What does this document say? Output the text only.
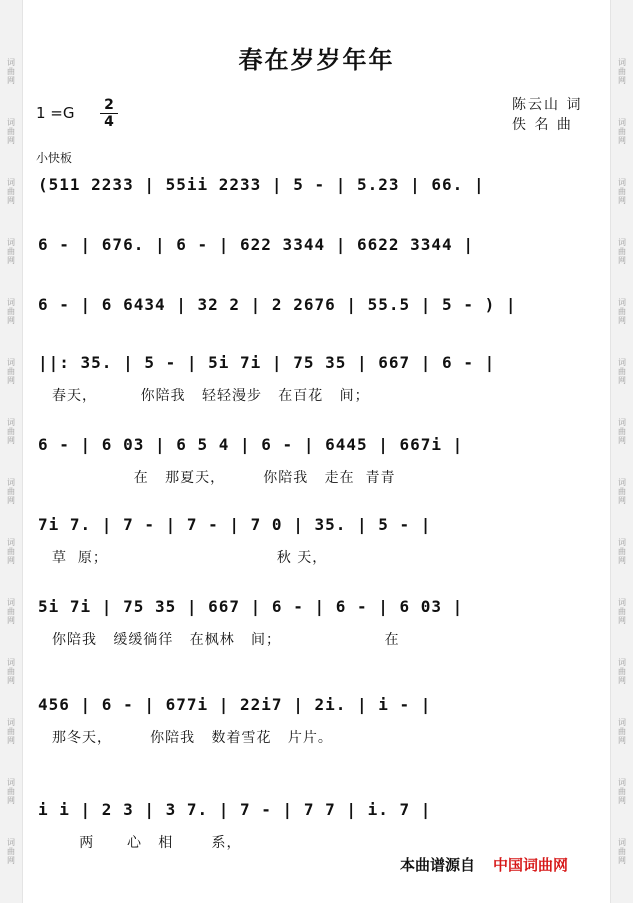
词
曲
网
词
曲
网
词
曲
网
词
曲
网
词
曲
网
词
曲
网
词
曲
网
词
曲
网
词
曲
网
词
曲
网
词
曲
网
词
曲
网
词
曲
网
词
曲
网
词
曲
网
词
曲
网
词
曲
网
词
曲
网
词
曲
网
词
曲
网
词
曲
网
词
曲
网
词
曲
网
词
曲
网
词
曲
网
词
曲
网
词
曲
网
词
曲
网
春在岁岁年年
1 =G 2
4
陈云山 词
佚 名 曲
小快板
(511 2233 | 55ii 2233 | 5 - | 5.23 | 66. |
6 - | 676. | 6 - | 622 3344 | 6622 3344 |
6 - | 6 6434 | 32 2 | 2 2676 | 55.5 | 5 - ) |
||: 35. | 5 - | 5i 7i | 75 35 | 667 | 6 - |
春天，        你陪我   轻轻漫步   在百花   间；
6 - | 6 03 | 6 5 4 | 6 - | 6445 | 667i |
在   那夏天，       你陪我   走在  青青
7i 7. | 7 - | 7 - | 7 0 | 35. | 5 - |
草  原；                               秋 天，
5i 7i | 75 35 | 667 | 6 - | 6 - | 6 03 |
你陪我   缓缓徜徉   在枫林   间；                   在
456 | 6 - | 677i | 22i7 | 2i. | i - |
那冬天，       你陪我   数着雪花   片片。
i i | 2 3 | 3 7. | 7 - | 7 7 | i. 7 |
两      心   相       系，
本曲谱源自 中国词曲网
